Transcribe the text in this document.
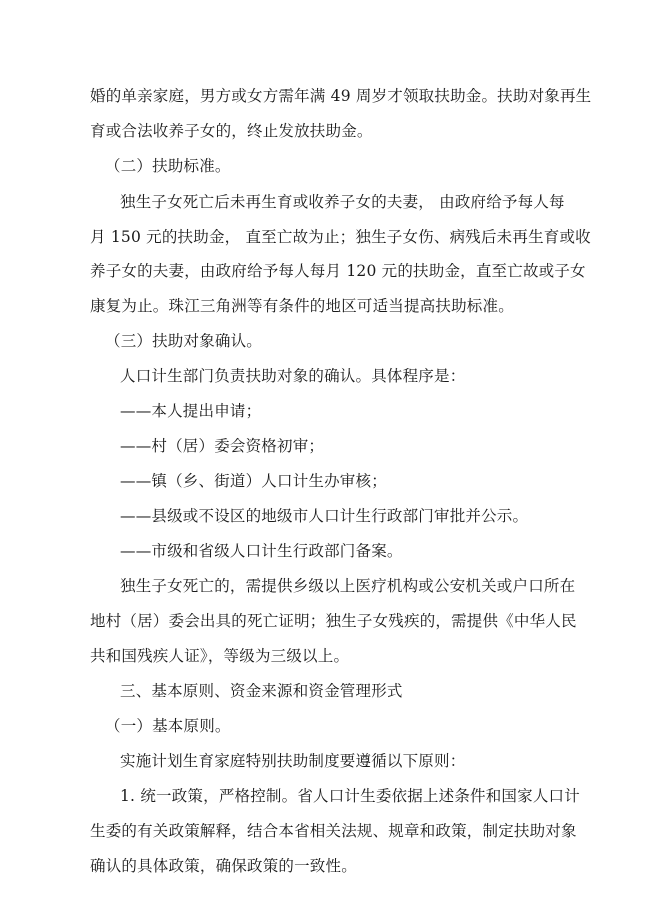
婚的单亲家庭，男方或女方需年满 49 周岁才领取扶助金。扶助对象再生
育或合法收养子女的，终止发放扶助金。
（二）扶助标准。
独生子女死亡后未再生育或收养子女的夫妻， 由政府给予每人每
月 150 元的扶助金， 直至亡故为止；独生子女伤、病残后未再生育或收
养子女的夫妻，由政府给予每人每月 120 元的扶助金，直至亡故或子女
康复为止。珠江三角洲等有条件的地区可适当提高扶助标准。
（三）扶助对象确认。
人口计生部门负责扶助对象的确认。具体程序是：
——本人提出申请；
——村（居）委会资格初审；
——镇（乡、街道）人口计生办审核；
——县级或不设区的地级市人口计生行政部门审批并公示。
——市级和省级人口计生行政部门备案。
独生子女死亡的，需提供乡级以上医疗机构或公安机关或户口所在
地村（居）委会出具的死亡证明；独生子女残疾的，需提供《中华人民
共和国残疾人证》，等级为三级以上。
三、基本原则、资金来源和资金管理形式
（一）基本原则。
实施计划生育家庭特别扶助制度要遵循以下原则：
1. 统一政策，严格控制。省人口计生委依据上述条件和国家人口计
生委的有关政策解释，结合本省相关法规、规章和政策，制定扶助对象
确认的具体政策，确保政策的一致性。
